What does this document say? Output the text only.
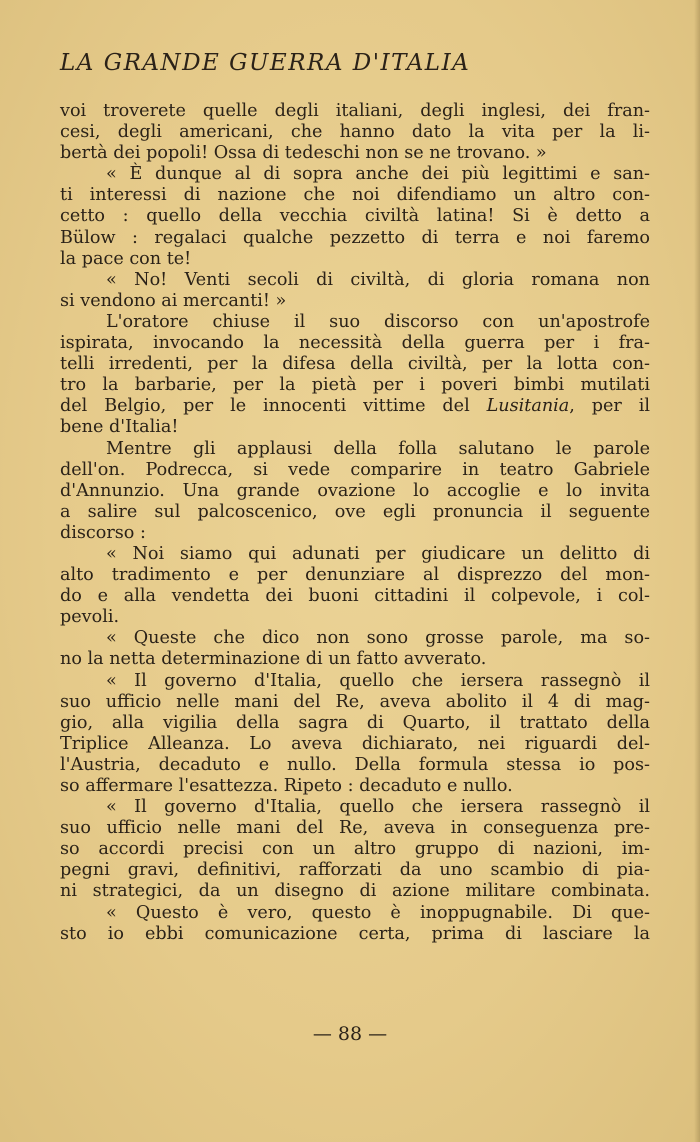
LA GRANDE GUERRA D'ITALIA
voi troverete quelle degli italiani, degli inglesi, dei fran-
cesi, degli americani, che hanno dato la vita per la li-
bertà dei popoli! Ossa di tedeschi non se ne trovano. »
« È dunque al di sopra anche dei più legittimi e san-
ti interessi di nazione che noi difendiamo un altro con-
cetto : quello della vecchia civiltà latina! Si è detto a
Bülow : regalaci qualche pezzetto di terra e noi faremo
la pace con te!
« No! Venti secoli di civiltà, di gloria romana non
si vendono ai mercanti! »
L'oratore chiuse il suo discorso con un'apostrofe
ispirata, invocando la necessità della guerra per i fra-
telli irredenti, per la difesa della civiltà, per la lotta con-
tro la barbarie, per la pietà per i poveri bimbi mutilati
del Belgio, per le innocenti vittime del Lusitania, per il
bene d'Italia!
Mentre gli applausi della folla salutano le parole
dell'on. Podrecca, si vede comparire in teatro Gabriele
d'Annunzio. Una grande ovazione lo accoglie e lo invita
a salire sul palcoscenico, ove egli pronuncia il seguente
discorso :
« Noi siamo qui adunati per giudicare un delitto di
alto tradimento e per denunziare al disprezzo del mon-
do e alla vendetta dei buoni cittadini il colpevole, i col-
pevoli.
« Queste che dico non sono grosse parole, ma so-
no la netta determinazione di un fatto avverato.
« Il governo d'Italia, quello che iersera rassegnò il
suo ufficio nelle mani del Re, aveva abolito il 4 di mag-
gio, alla vigilia della sagra di Quarto, il trattato della
Triplice Alleanza. Lo aveva dichiarato, nei riguardi del-
l'Austria, decaduto e nullo. Della formula stessa io pos-
so affermare l'esattezza. Ripeto : decaduto e nullo.
« Il governo d'Italia, quello che iersera rassegnò il
suo ufficio nelle mani del Re, aveva in conseguenza pre-
so accordi precisi con un altro gruppo di nazioni, im-
pegni gravi, definitivi, rafforzati da uno scambio di pia-
ni strategici, da un disegno di azione militare combinata.
« Questo è vero, questo è inoppugnabile. Di que-
sto io ebbi comunicazione certa, prima di lasciare la
— 88 —
